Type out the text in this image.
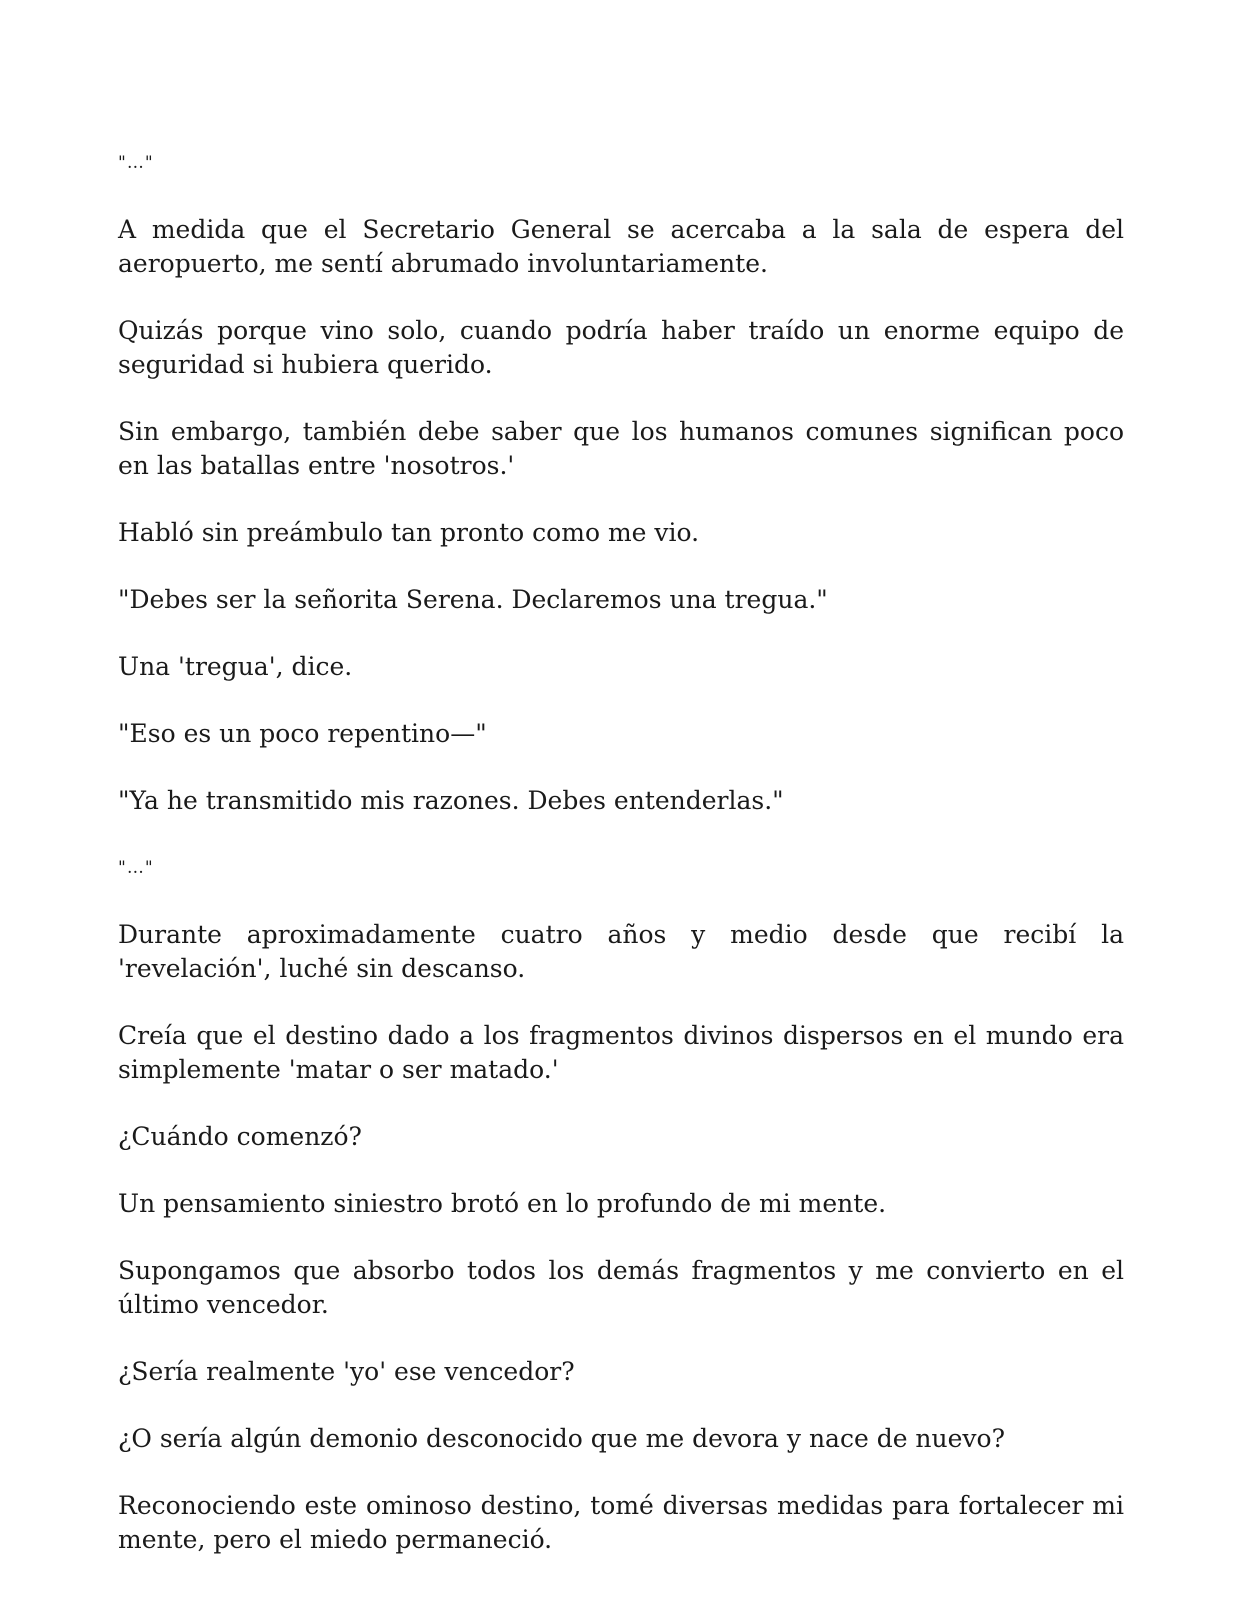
"…"

A medida que el Secretario General se acercaba a la sala de espera del aeropuerto, me sentí abrumado involuntariamente.

Quizás porque vino solo, cuando podría haber traído un enorme equipo de seguridad si hubiera querido.

Sin embargo, también debe saber que los humanos comunes significan poco en las batallas entre 'nosotros.'

Habló sin preámbulo tan pronto como me vio.

"Debes ser la señorita Serena. Declaremos una tregua."

Una 'tregua', dice.

"Eso es un poco repentino—"

"Ya he transmitido mis razones. Debes entenderlas."

"…"

Durante aproximadamente cuatro años y medio desde que recibí la 'revelación', luché sin descanso.

Creía que el destino dado a los fragmentos divinos dispersos en el mundo era simplemente 'matar o ser matado.'

¿Cuándo comenzó?

Un pensamiento siniestro brotó en lo profundo de mi mente.

Supongamos que absorbo todos los demás fragmentos y me convierto en el último vencedor.

¿Sería realmente 'yo' ese vencedor?

¿O sería algún demonio desconocido que me devora y nace de nuevo?

Reconociendo este ominoso destino, tomé diversas medidas para fortalecer mi mente, pero el miedo permaneció.
